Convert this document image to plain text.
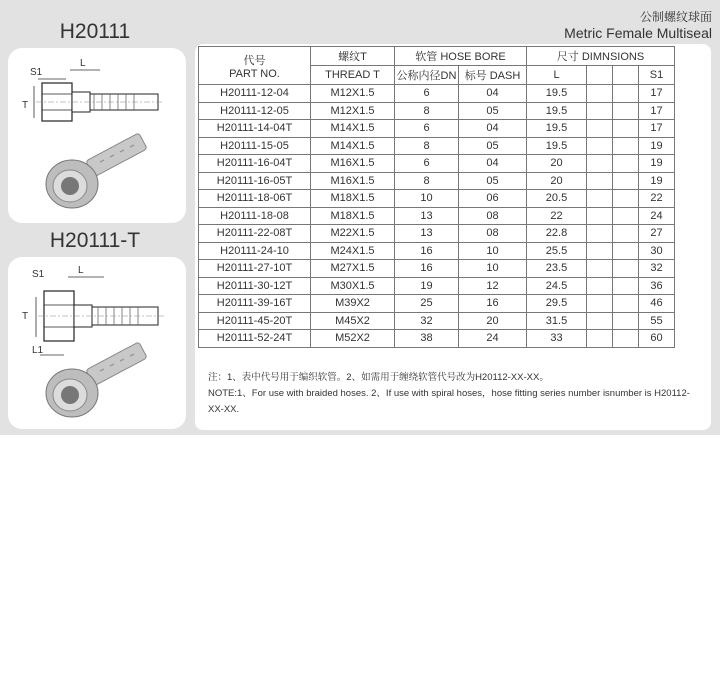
公制螺纹球面
Metric Female Multiseal
H20111
S1
L
T
H20111-T
S1	L
T
L1
代号
PART NO.	螺纹T	软管 HOSE BORE		尺寸 DIMNSIONS			
	THREAD T	公称内径DN	标号 DASH	L			S1
H20111-12-04	M12X1.5	6	04	19.5			17
H20111-12-05	M12X1.5	8	05	19.5			17
H20111-14-04T	M14X1.5	6	04	19.5			17
H20111-15-05	M14X1.5	8	05	19.5			19
H20111-16-04T	M16X1.5	6	04	20			19
H20111-16-05T	M16X1.5	8	05	20			19
H20111-18-06T	M18X1.5	10	06	20.5			22
H20111-18-08	M18X1.5	13	08	22			24
H20111-22-08T	M22X1.5	13	08	22.8			27
H20111-24-10	M24X1.5	16	10	25.5			30
H20111-27-10T	M27X1.5	16	10	23.5			32
H20111-30-12T	M30X1.5	19	12	24.5			36
H20111-39-16T	M39X2	25	16	29.5			46
H20111-45-20T	M45X2	32	20	31.5			55
H20111-52-24T	M52X2	38	24	33			60
注：1、表中代号用于编织软管。2、如需用于缠绕软管代号改为H20112-XX-XX。
NOTE:1、For use with braided hoses. 2、If use with spiral hoses，hose fitting series number isnumber is H20112-XX-XX.
